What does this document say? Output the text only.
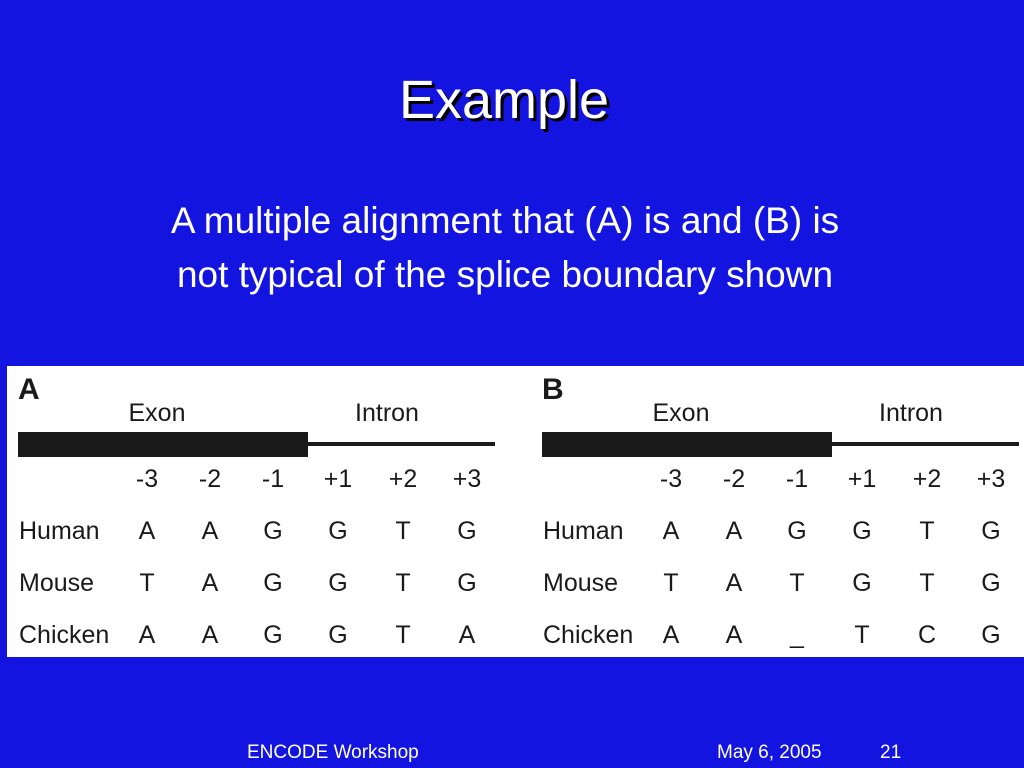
Example
A multiple alignment that (A) is and (B) is
not typical of the splice boundary shown
A
Exon	Intron
-3 -2 -1 +1 +2 +3
Human A A G G T G
Mouse T A G G T G
Chicken A A G G T A
B
Exon	Intron
-3 -2 -1 +1 +2 +3
Human A A G G T G
Mouse T A T G T G
Chicken A A _ T C G
ENCODE Workshop	May 6, 2005	21
